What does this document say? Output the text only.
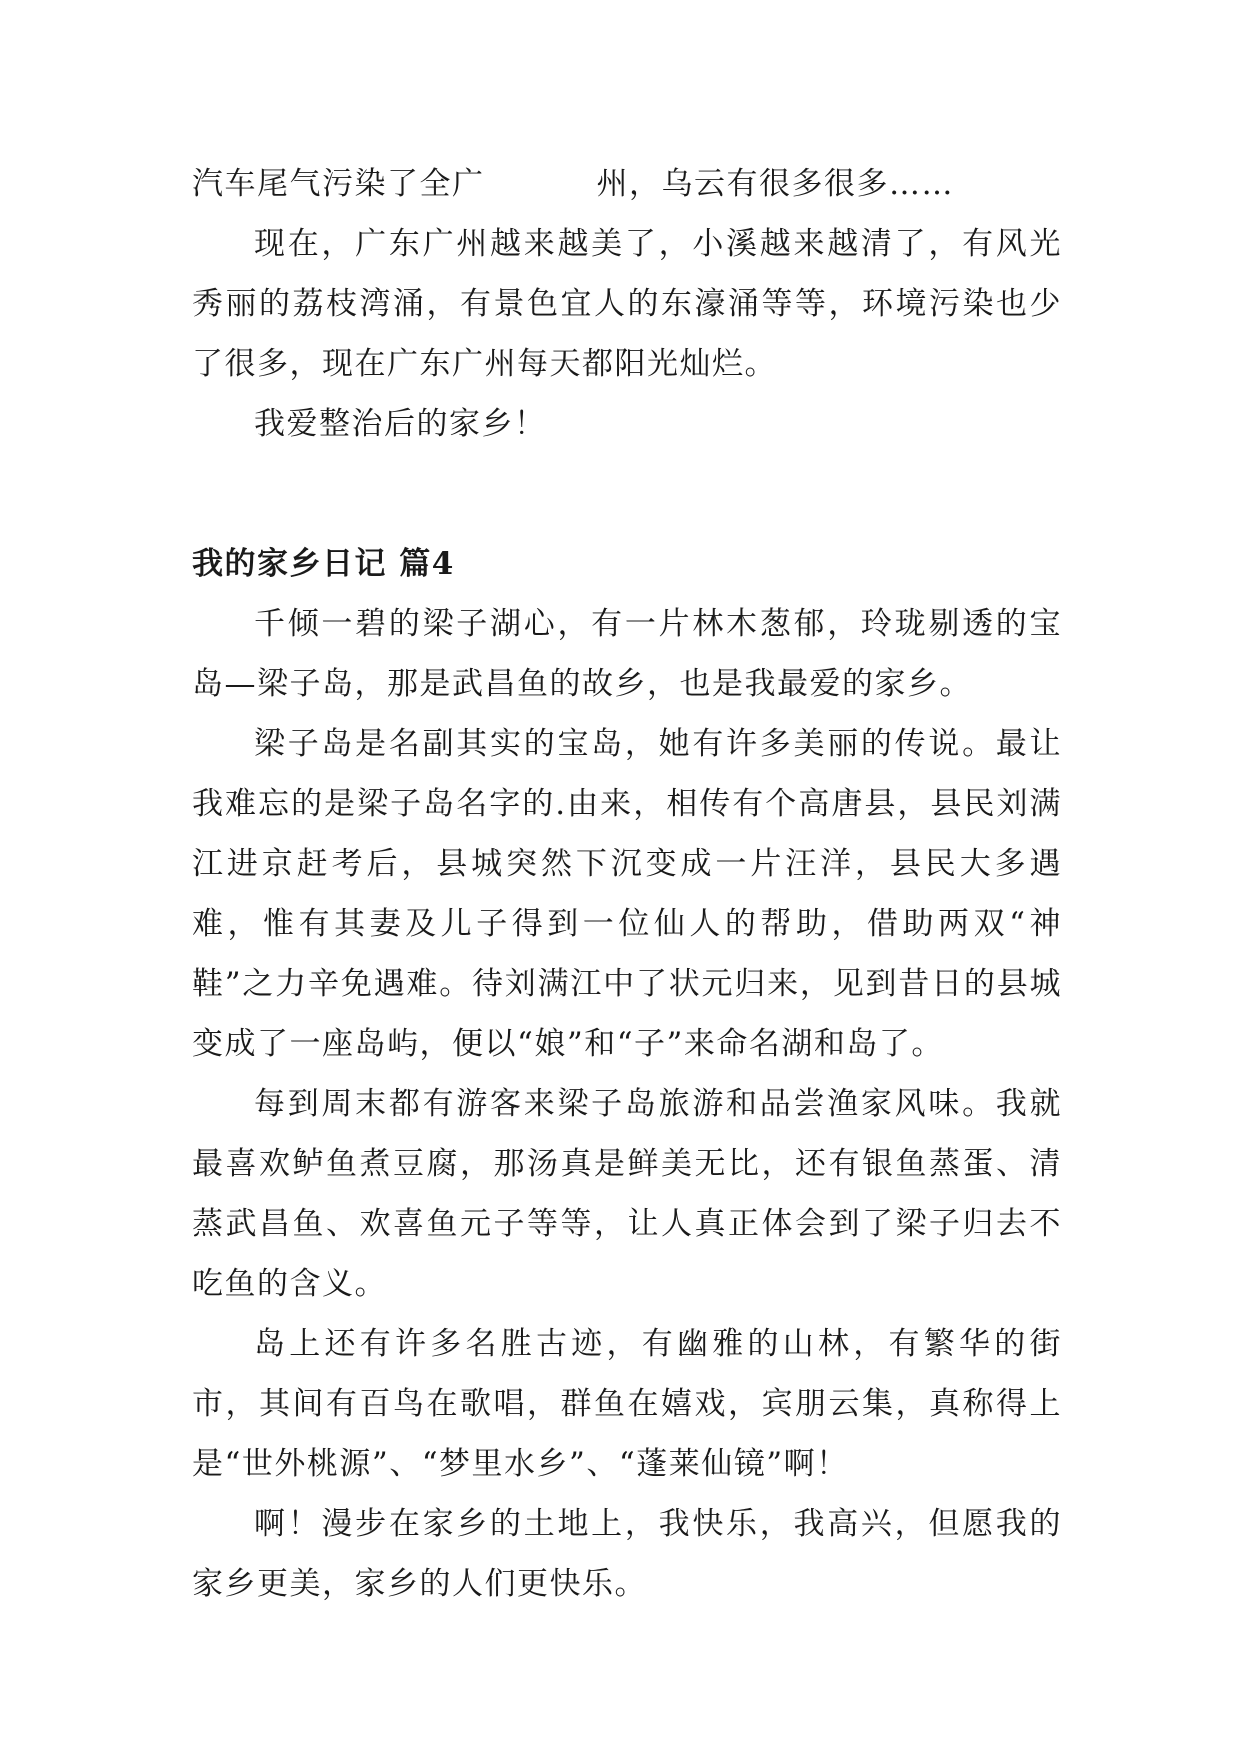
汽车尾气污染了全广	州，乌云有很多很多……

现在，广东广州越来越美了，小溪越来越清了，有风光秀丽的荔枝湾涌，有景色宜人的东濠涌等等，环境污染也少了很多，现在广东广州每天都阳光灿烂。

我爱整治后的家乡！

我的家乡日记 篇4

千倾一碧的梁子湖心，有一片林木葱郁，玲珑剔透的宝岛—梁子岛，那是武昌鱼的故乡，也是我最爱的家乡。

梁子岛是名副其实的宝岛，她有许多美丽的传说。最让我难忘的是梁子岛名字的.由来，相传有个高唐县，县民刘满江进京赶考后，县城突然下沉变成一片汪洋，县民大多遇难，惟有其妻及儿子得到一位仙人的帮助，借助两双“神鞋”之力辛免遇难。待刘满江中了状元归来，见到昔日的县城变成了一座岛屿，便以“娘”和“子”来命名湖和岛了。

每到周末都有游客来梁子岛旅游和品尝渔家风味。我就最喜欢鲈鱼煮豆腐，那汤真是鲜美无比，还有银鱼蒸蛋、清蒸武昌鱼、欢喜鱼元子等等，让人真正体会到了梁子归去不吃鱼的含义。

岛上还有许多名胜古迹，有幽雅的山林，有繁华的街市，其间有百鸟在歌唱，群鱼在嬉戏，宾朋云集，真称得上是“世外桃源”、“梦里水乡”、“蓬莱仙镜”啊！

啊！漫步在家乡的土地上，我快乐，我高兴，但愿我的家乡更美，家乡的人们更快乐。
